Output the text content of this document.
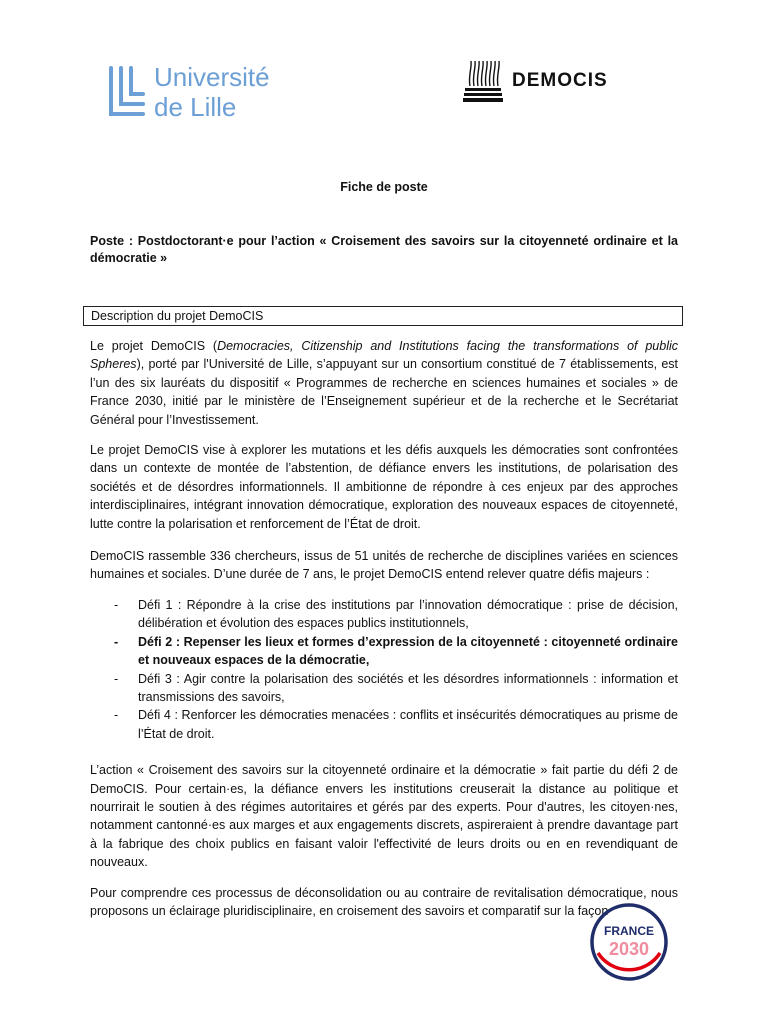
Université
de Lille
DEMOCIS
Fiche de poste
Poste : Postdoctorant·e pour l’action « Croisement des savoirs sur la citoyenneté ordinaire et la démocratie »
Description du projet DemoCIS

Le projet DemoCIS (Democracies, Citizenship and Institutions facing the transformations of public Spheres), porté par l'Université de Lille, s’appuyant sur un consortium constitué de 7 établissements, est l’un des six lauréats du dispositif « Programmes de recherche en sciences humaines et sociales » de France 2030, initié par le ministère de l’Enseignement supérieur et de la recherche et le Secrétariat Général pour l’Investissement.

Le projet DemoCIS vise à explorer les mutations et les défis auxquels les démocraties sont confrontées dans un contexte de montée de l’abstention, de défiance envers les institutions, de polarisation des sociétés et de désordres informationnels. Il ambitionne de répondre à ces enjeux par des approches interdisciplinaires, intégrant innovation démocratique, exploration des nouveaux espaces de citoyenneté, lutte contre la polarisation et renforcement de l’État de droit.

DemoCIS rassemble 336 chercheurs, issus de 51 unités de recherche de disciplines variées en sciences humaines et sociales. D’une durée de 7 ans, le projet DemoCIS entend relever quatre défis majeurs :

- Défi 1 : Répondre à la crise des institutions par l’innovation démocratique : prise de décision, délibération et évolution des espaces publics institutionnels,
- Défi 2 : Repenser les lieux et formes d’expression de la citoyenneté : citoyenneté ordinaire et nouveaux espaces de la démocratie,
- Défi 3 : Agir contre la polarisation des sociétés et les désordres informationnels : information et transmissions des savoirs,
- Défi 4 : Renforcer les démocraties menacées : conflits et insécurités démocratiques au prisme de l’État de droit.

L’action « Croisement des savoirs sur la citoyenneté ordinaire et la démocratie » fait partie du défi 2 de DemoCIS. Pour certain·es, la défiance envers les institutions creuserait la distance au politique et nourrirait le soutien à des régimes autoritaires et gérés par des experts. Pour d'autres, les citoyen·nes, notamment cantonné·es aux marges et aux engagements discrets, aspireraient à prendre davantage part à la fabrique des choix publics en faisant valoir l'effectivité de leurs droits ou en en revendiquant de nouveaux.

Pour comprendre ces processus de déconsolidation ou au contraire de revitalisation démocratique, nous proposons un éclairage pluridisciplinaire, en croisement des savoirs et comparatif sur la façon

FRANCE
2030
